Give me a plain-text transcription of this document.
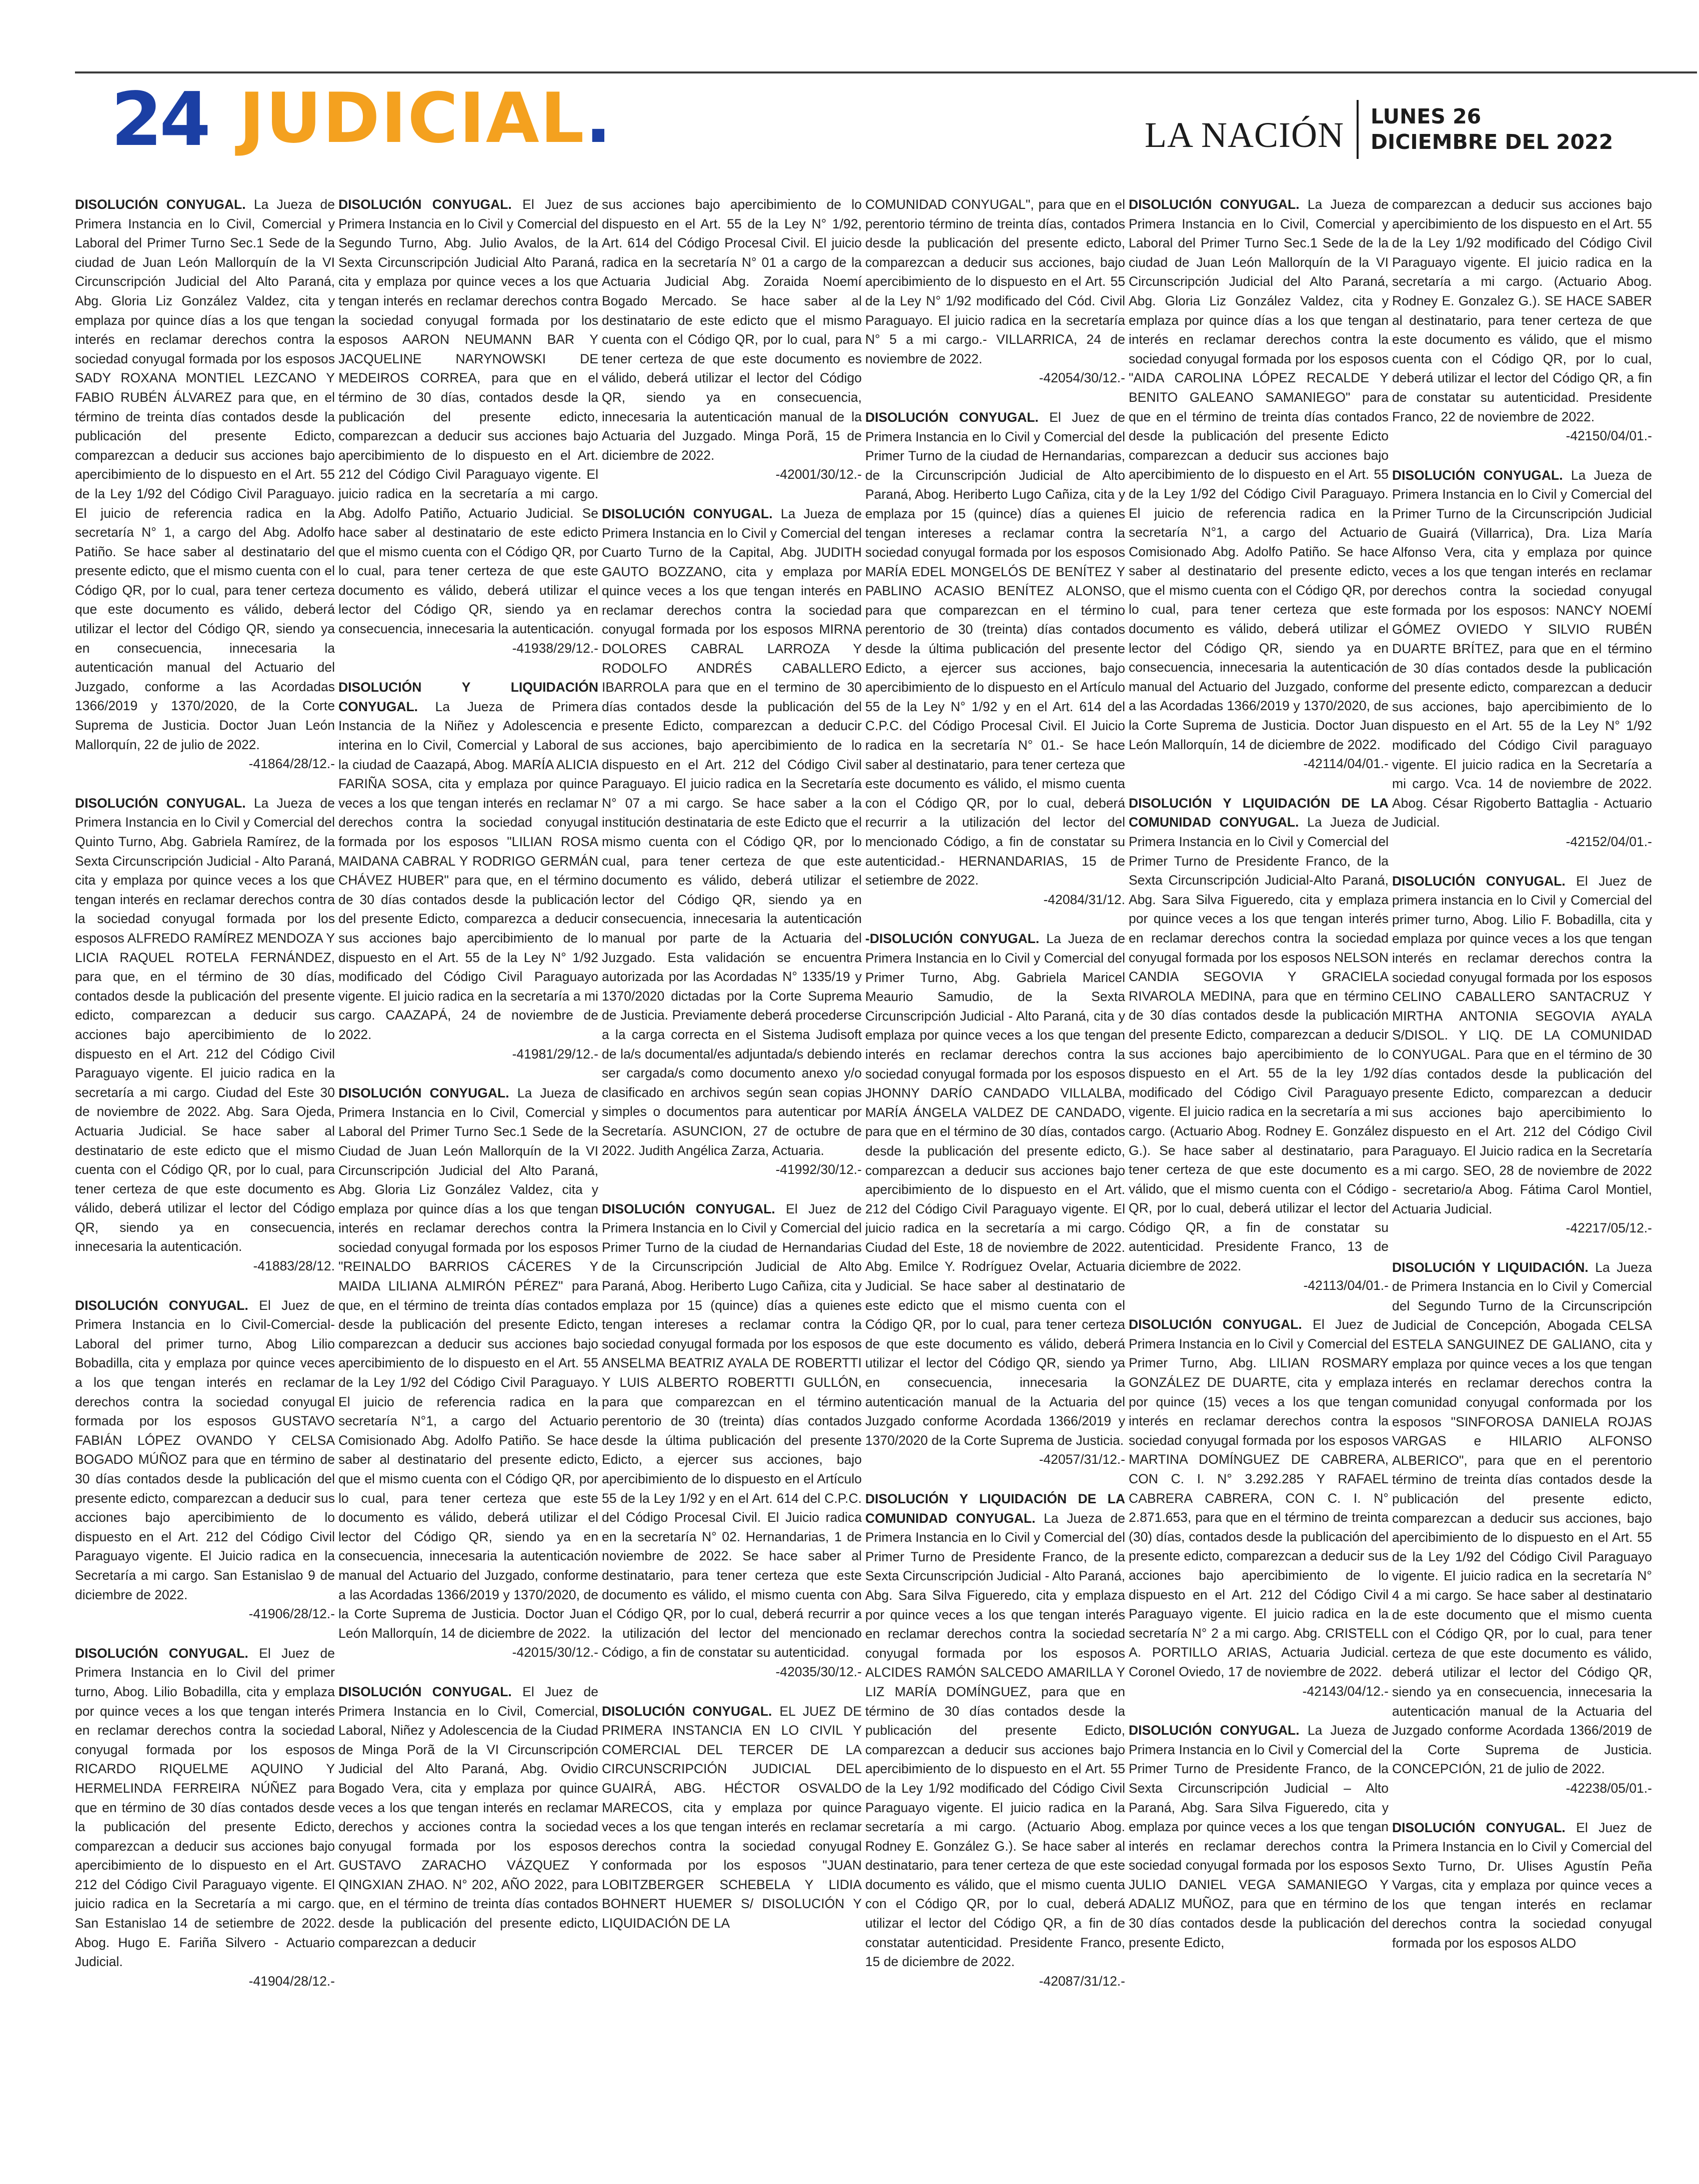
24 JUDICIAL.	LA NACIÓN LUNES 26
DICIEMBRE DEL 2022

DISOLUCIÓN CONYUGAL. La Jueza de Primera Instancia en lo Civil, Comercial y Laboral del Primer Turno Sec.1 Sede de la ciudad de Juan León Mallorquín de la VI Circunscripción Judicial del Alto Paraná, Abg. Gloria Liz González Valdez, cita y emplaza por quince días a los que tengan interés en reclamar derechos contra la sociedad conyugal formada por los esposos SADY ROXANA MONTIEL LEZCANO Y FABIO RUBÉN ÁLVAREZ para que, en el término de treinta días contados desde la publicación del presente Edicto, comparezcan a deducir sus acciones bajo apercibimiento de lo dispuesto en el Art. 55 de la Ley 1/92 del Código Civil Paraguayo. El juicio de referencia radica en la secretaría N° 1, a cargo del Abg. Adolfo Patiño. Se hace saber al destinatario del presente edicto, que el mismo cuenta con el Código QR, por lo cual, para tener certeza que este documento es válido, deberá utilizar el lector del Código QR, siendo ya en consecuencia, innecesaria la autenticación manual del Actuario del Juzgado, conforme a las Acordadas 1366/2019 y 1370/2020, de la Corte Suprema de Justicia. Doctor Juan León Mallorquín, 22 de julio de 2022.
-41864/28/12.-

DISOLUCIÓN CONYUGAL. La Jueza de Primera Instancia en lo Civil y Comercial del Quinto Turno, Abg. Gabriela Ramírez, de la Sexta Circunscripción Judicial - Alto Paraná, cita y emplaza por quince veces a los que tengan interés en reclamar derechos contra la sociedad conyugal formada por los esposos ALFREDO RAMÍREZ MENDOZA Y LICIA RAQUEL ROTELA FERNÁNDEZ, para que, en el término de 30 días, contados desde la publicación del presente edicto, comparezcan a deducir sus acciones bajo apercibimiento de lo dispuesto en el Art. 212 del Código Civil Paraguayo vigente. El juicio radica en la secretaría a mi cargo. Ciudad del Este 30 de noviembre de 2022. Abg. Sara Ojeda, Actuaria Judicial. Se hace saber al destinatario de este edicto que el mismo cuenta con el Código QR, por lo cual, para tener certeza de que este documento es válido, deberá utilizar el lector del Código QR, siendo ya en consecuencia, innecesaria la autenticación.
-41883/28/12.

DISOLUCIÓN CONYUGAL. El Juez de Primera Instancia en lo Civil-Comercial-Laboral del primer turno, Abog Lilio Bobadilla, cita y emplaza por quince veces a los que tengan interés en reclamar derechos contra la sociedad conyugal formada por los esposos GUSTAVO FABIÁN LÓPEZ OVANDO Y CELSA BOGADO MÚÑOZ para que en término de 30 días contados desde la publicación del presente edicto, comparezcan a deducir sus acciones bajo apercibimiento de lo dispuesto en el Art. 212 del Código Civil Paraguayo vigente. El Juicio radica en la Secretaría a mi cargo. San Estanislao 9 de diciembre de 2022.
-41906/28/12.-

DISOLUCIÓN CONYUGAL. El Juez de Primera Instancia en lo Civil del primer turno, Abog. Lilio Bobadilla, cita y emplaza por quince veces a los que tengan interés en reclamar derechos contra la sociedad conyugal formada por los esposos RICARDO RIQUELME AQUINO Y HERMELINDA FERREIRA NÚÑEZ para que en término de 30 días contados desde la publicación del presente Edicto, comparezcan a deducir sus acciones bajo apercibimiento de lo dispuesto en el Art. 212 del Código Civil Paraguayo vigente. El juicio radica en la Secretaría a mi cargo. San Estanislao 14 de setiembre de 2022. Abog. Hugo E. Fariña Silvero - Actuario Judicial.
-41904/28/12.-

DISOLUCIÓN CONYUGAL. El Juez de Primera Instancia en lo Civil y Comercial del Segundo Turno, Abg. Julio Avalos, de la Sexta Circunscripción Judicial Alto Paraná, cita y emplaza por quince veces a los que tengan interés en reclamar derechos contra la sociedad conyugal formada por los esposos AARON NEUMANN BAR Y JACQUELINE NARYNOWSKI DE MEDEIROS CORREA, para que en el término de 30 días, contados desde la publicación del presente edicto, comparezcan a deducir sus acciones bajo apercibimiento de lo dispuesto en el Art. 212 del Código Civil Paraguayo vigente. El juicio radica en la secretaría a mi cargo. Abg. Adolfo Patiño, Actuario Judicial. Se hace saber al destinatario de este edicto que el mismo cuenta con el Código QR, por lo cual, para tener certeza de que este documento es válido, deberá utilizar el lector del Código QR, siendo ya en consecuencia, innecesaria la autenticación.
-41938/29/12.-

DISOLUCIÓN Y LIQUIDACIÓN CONYUGAL. La Jueza de Primera Instancia de la Niñez y Adolescencia e interina en lo Civil, Comercial y Laboral de la ciudad de Caazapá, Abog. MARÍA ALICIA FARIÑA SOSA, cita y emplaza por quince veces a los que tengan interés en reclamar derechos contra la sociedad conyugal formada por los esposos "LILIAN ROSA MAIDANA CABRAL Y RODRIGO GERMÁN CHÁVEZ HUBER" para que, en el término de 30 días contados desde la publicación del presente Edicto, comparezca a deducir sus acciones bajo apercibimiento de lo dispuesto en el Art. 55 de la Ley N° 1/92 modificado del Código Civil Paraguayo vigente. El juicio radica en la secretaría a mi cargo. CAAZAPÁ, 24 de noviembre de 2022.
-41981/29/12.-

DISOLUCIÓN CONYUGAL. La Jueza de Primera Instancia en lo Civil, Comercial y Laboral del Primer Turno Sec.1 Sede de la Ciudad de Juan León Mallorquín de la VI Circunscripción Judicial del Alto Paraná, Abg. Gloria Liz González Valdez, cita y emplaza por quince días a los que tengan interés en reclamar derechos contra la sociedad conyugal formada por los esposos "REINALDO BARRIOS CÁCERES Y MAIDA LILIANA ALMIRÓN PÉREZ" para que, en el término de treinta días contados desde la publicación del presente Edicto, comparezcan a deducir sus acciones bajo apercibimiento de lo dispuesto en el Art. 55 de la Ley 1/92 del Código Civil Paraguayo. El juicio de referencia radica en la secretaría N°1, a cargo del Actuario Comisionado Abg. Adolfo Patiño. Se hace saber al destinatario del presente edicto, que el mismo cuenta con el Código QR, por lo cual, para tener certeza que este documento es válido, deberá utilizar el lector del Código QR, siendo ya en consecuencia, innecesaria la autenticación manual del Actuario del Juzgado, conforme a las Acordadas 1366/2019 y 1370/2020, de la Corte Suprema de Justicia. Doctor Juan León Mallorquín, 14 de diciembre de 2022.
-42015/30/12.-

DISOLUCIÓN CONYUGAL. El Juez de Primera Instancia en lo Civil, Comercial, Laboral, Niñez y Adolescencia de la Ciudad de Minga Porã de la VI Circunscripción Judicial del Alto Paraná, Abg. Ovidio Bogado Vera, cita y emplaza por quince veces a los que tengan interés en reclamar derechos y acciones contra la sociedad conyugal formada por los esposos GUSTAVO ZARACHO VÁZQUEZ Y QINGXIAN ZHAO. N° 202, AÑO 2022, para que, en el término de treinta días contados desde la publicación del presente edicto, comparezcan a deducir

sus acciones bajo apercibimiento de lo dispuesto en el Art. 55 de la Ley N° 1/92, Art. 614 del Código Procesal Civil. El juicio radica en la secretaría N° 01 a cargo de la Actuaria Judicial Abg. Zoraida Noemí Bogado Mercado. Se hace saber al destinatario de este edicto que el mismo cuenta con el Código QR, por lo cual, para tener certeza de que este documento es válido, deberá utilizar el lector del Código QR, siendo ya en consecuencia, innecesaria la autenticación manual de la Actuaria del Juzgado. Minga Porã, 15 de diciembre de 2022.
-42001/30/12.-

DISOLUCIÓN CONYUGAL. La Jueza de Primera Instancia en lo Civil y Comercial del Cuarto Turno de la Capital, Abg. JUDITH GAUTO BOZZANO, cita y emplaza por quince veces a los que tengan interés en reclamar derechos contra la sociedad conyugal formada por los esposos MIRNA DOLORES CABRAL LARROZA Y RODOLFO ANDRÉS CABALLERO IBARROLA para que en el termino de 30 días contados desde la publicación del presente Edicto, comparezcan a deducir sus acciones, bajo apercibimiento de lo dispuesto en el Art. 212 del Código Civil Paraguayo. El juicio radica en la Secretaría N° 07 a mi cargo. Se hace saber a la institución destinataria de este Edicto que el mismo cuenta con el Código QR, por lo cual, para tener certeza de que este documento es válido, deberá utilizar el lector del Código QR, siendo ya en consecuencia, innecesaria la autenticación manual por parte de la Actuaria del Juzgado. Esta validación se encuentra autorizada por las Acordadas N° 1335/19 y 1370/2020 dictadas por la Corte Suprema de Justicia. Previamente deberá procederse a la carga correcta en el Sistema Judisoft de la/s documental/es adjuntada/s debiendo ser cargada/s como documento anexo y/o clasificado en archivos según sean copias simples o documentos para autenticar por Secretaría. ASUNCION, 27 de octubre de 2022. Judith Angélica Zarza, Actuaria.
-41992/30/12.-

DISOLUCIÓN CONYUGAL. El Juez de Primera Instancia en lo Civil y Comercial del Primer Turno de la ciudad de Hernandarias de la Circunscripción Judicial de Alto Paraná, Abog. Heriberto Lugo Cañiza, cita y emplaza por 15 (quince) días a quienes tengan intereses a reclamar contra la sociedad conyugal formada por los esposos ANSELMA BEATRIZ AYALA DE ROBERTTI Y LUIS ALBERTO ROBERTTI GULLÓN, para que comparezcan en el término perentorio de 30 (treinta) días contados desde la última publicación del presente Edicto, a ejercer sus acciones, bajo apercibimiento de lo dispuesto en el Artículo 55 de la Ley 1/92 y en el Art. 614 del C.P.C. del Código Procesal Civil. El Juicio radica en la secretaría N° 02. Hernandarias, 1 de noviembre de 2022. Se hace saber al destinatario, para tener certeza que este documento es válido, el mismo cuenta con el Código QR, por lo cual, deberá recurrir a la utilización del lector del mencionado Código, a fin de constatar su autenticidad.
-42035/30/12.-

DISOLUCIÓN CONYUGAL. EL JUEZ DE PRIMERA INSTANCIA EN LO CIVIL Y COMERCIAL DEL TERCER DE LA CIRCUNSCRIPCIÓN JUDICIAL DEL GUAIRÁ, ABG. HÉCTOR OSVALDO MARECOS, cita y emplaza por quince veces a los que tengan interés en reclamar derechos contra la sociedad conyugal conformada por los esposos "JUAN LOBITZBERGER SCHEBELA Y LIDIA BOHNERT HUEMER S/ DISOLUCIÓN Y LIQUIDACIÓN DE LA

COMUNIDAD CONYUGAL", para que en el perentorio término de treinta días, contados desde la publicación del presente edicto, comparezcan a deducir sus acciones, bajo apercibimiento de lo dispuesto en el Art. 55 de la Ley N° 1/92 modificado del Cód. Civil Paraguayo. El juicio radica en la secretaría N° 5 a mi cargo.- VILLARRICA, 24 de noviembre de 2022.
-42054/30/12.-

DISOLUCIÓN CONYUGAL. El Juez de Primera Instancia en lo Civil y Comercial del Primer Turno de la ciudad de Hernandarias, de la Circunscripción Judicial de Alto Paraná, Abog. Heriberto Lugo Cañiza, cita y emplaza por 15 (quince) días a quienes tengan intereses a reclamar contra la sociedad conyugal formada por los esposos MARÍA EDEL MONGELÓS DE BENÍTEZ Y PABLINO ACASIO BENÍTEZ ALONSO, para que comparezcan en el término perentorio de 30 (treinta) días contados desde la última publicación del presente Edicto, a ejercer sus acciones, bajo apercibimiento de lo dispuesto en el Artículo 55 de la Ley N° 1/92 y en el Art. 614 del C.P.C. del Código Procesal Civil. El Juicio radica en la secretaría N° 01.- Se hace saber al destinatario, para tener certeza que este documento es válido, el mismo cuenta con el Código QR, por lo cual, deberá recurrir a la utilización del lector del mencionado Código, a fin de constatar su autenticidad.- HERNANDARIAS, 15 de setiembre de 2022.
-42084/31/12.

-DISOLUCIÓN CONYUGAL. La Jueza de Primera Instancia en lo Civil y Comercial del Primer Turno, Abg. Gabriela Maricel Meaurio Samudio, de la Sexta Circunscripción Judicial - Alto Paraná, cita y emplaza por quince veces a los que tengan interés en reclamar derechos contra la sociedad conyugal formada por los esposos JHONNY DARÍO CANDADO VILLALBA, MARÍA ÁNGELA VALDEZ DE CANDADO, para que en el término de 30 días, contados desde la publicación del presente edicto, comparezcan a deducir sus acciones bajo apercibimiento de lo dispuesto en el Art. 212 del Código Civil Paraguayo vigente. El juicio radica en la secretaría a mi cargo. Ciudad del Este, 18 de noviembre de 2022. Abg. Emilce Y. Rodríguez Ovelar, Actuaria Judicial. Se hace saber al destinatario de este edicto que el mismo cuenta con el Código QR, por lo cual, para tener certeza de que este documento es válido, deberá utilizar el lector del Código QR, siendo ya en consecuencia, innecesaria la autenticación manual de la Actuaria del Juzgado conforme Acordada 1366/2019 y 1370/2020 de la Corte Suprema de Justicia.
-42057/31/12.-

DISOLUCIÓN Y LIQUIDACIÓN DE LA COMUNIDAD CONYUGAL. La Jueza de Primera Instancia en lo Civil y Comercial del Primer Turno de Presidente Franco, de la Sexta Circunscripción Judicial - Alto Paraná, Abg. Sara Silva Figueredo, cita y emplaza por quince veces a los que tengan interés en reclamar derechos contra la sociedad conyugal formada por los esposos ALCIDES RAMÓN SALCEDO AMARILLA Y LIZ MARÍA DOMÍNGUEZ, para que en término de 30 días contados desde la publicación del presente Edicto, comparezcan a deducir sus acciones bajo apercibimiento de lo dispuesto en el Art. 55 de la Ley 1/92 modificado del Código Civil Paraguayo vigente. El juicio radica en la secretaría a mi cargo. (Actuario Abog. Rodney E. González G.). Se hace saber al destinatario, para tener certeza de que este documento es válido, que el mismo cuenta con el Código QR, por lo cual, deberá utilizar el lector del Código QR, a fin de constatar autenticidad. Presidente Franco, 15 de diciembre de 2022.
-42087/31/12.-

DISOLUCIÓN CONYUGAL. La Jueza de Primera Instancia en lo Civil, Comercial y Laboral del Primer Turno Sec.1 Sede de la ciudad de Juan León Mallorquín de la VI Circunscripción Judicial del Alto Paraná, Abg. Gloria Liz González Valdez, cita y emplaza por quince días a los que tengan interés en reclamar derechos contra la sociedad conyugal formada por los esposos "AIDA CAROLINA LÓPEZ RECALDE Y BENITO GALEANO SAMANIEGO" para que en el término de treinta días contados desde la publicación del presente Edicto comparezcan a deducir sus acciones bajo apercibimiento de lo dispuesto en el Art. 55 de la Ley 1/92 del Código Civil Paraguayo. El juicio de referencia radica en la secretaría N°1, a cargo del Actuario Comisionado Abg. Adolfo Patiño. Se hace saber al destinatario del presente edicto, que el mismo cuenta con el Código QR, por lo cual, para tener certeza que este documento es válido, deberá utilizar el lector del Código QR, siendo ya en consecuencia, innecesaria la autenticación manual del Actuario del Juzgado, conforme a las Acordadas 1366/2019 y 1370/2020, de la Corte Suprema de Justicia. Doctor Juan León Mallorquín, 14 de diciembre de 2022.
-42114/04/01.-

DISOLUCIÓN Y LIQUIDACIÓN DE LA COMUNIDAD CONYUGAL. La Jueza de Primera Instancia en lo Civil y Comercial del Primer Turno de Presidente Franco, de la Sexta Circunscripción Judicial-Alto Paraná, Abg. Sara Silva Figueredo, cita y emplaza por quince veces a los que tengan interés en reclamar derechos contra la sociedad conyugal formada por los esposos NELSON CANDIA SEGOVIA Y GRACIELA RIVAROLA MEDINA, para que en término de 30 días contados desde la publicación del presente Edicto, comparezcan a deducir sus acciones bajo apercibimiento de lo dispuesto en el Art. 55 de la ley 1/92 modificado del Código Civil Paraguayo vigente. El juicio radica en la secretaría a mi cargo. (Actuario Abog. Rodney E. González G.). Se hace saber al destinatario, para tener certeza de que este documento es válido, que el mismo cuenta con el Código QR, por lo cual, deberá utilizar el lector del Código QR, a fin de constatar su autenticidad. Presidente Franco, 13 de diciembre de 2022.
-42113/04/01.-

DISOLUCIÓN CONYUGAL. El Juez de Primera Instancia en lo Civil y Comercial del Primer Turno, Abg. LILIAN ROSMARY GONZÁLEZ DE DUARTE, cita y emplaza por quince (15) veces a los que tengan interés en reclamar derechos contra la sociedad conyugal formada por los esposos MARTINA DOMÍNGUEZ DE CABRERA, CON C. I. N° 3.292.285 Y RAFAEL CABRERA CABRERA, CON C. I. N° 2.871.653, para que en el término de treinta (30) días, contados desde la publicación del presente edicto, comparezcan a deducir sus acciones bajo apercibimiento de lo dispuesto en el Art. 212 del Código Civil Paraguayo vigente. El juicio radica en la secretaría N° 2 a mi cargo. Abg. CRISTELL A. PORTILLO ARIAS, Actuaria Judicial. Coronel Oviedo, 17 de noviembre de 2022.
-42143/04/12.-

DISOLUCIÓN CONYUGAL. La Jueza de Primera Instancia en lo Civil y Comercial del Primer Turno de Presidente Franco, de la Sexta Circunscripción Judicial – Alto Paraná, Abg. Sara Silva Figueredo, cita y emplaza por quince veces a los que tengan interés en reclamar derechos contra la sociedad conyugal formada por los esposos JULIO DANIEL VEGA SAMANIEGO Y ADALIZ MUÑOZ, para que en término de 30 días contados desde la publicación del presente Edicto,

comparezcan a deducir sus acciones bajo apercibimiento de los dispuesto en el Art. 55 de la Ley 1/92 modificado del Código Civil Paraguayo vigente. El juicio radica en la secretaría a mi cargo. (Actuario Abog. Rodney E. Gonzalez G.). SE HACE SABER al destinatario, para tener certeza de que este documento es válido, que el mismo cuenta con el Código QR, por lo cual, deberá utilizar el lector del Código QR, a fin de constatar su autenticidad. Presidente Franco, 22 de noviembre de 2022.
-42150/04/01.-

DISOLUCIÓN CONYUGAL. La Jueza de Primera Instancia en lo Civil y Comercial del Primer Turno de la Circunscripción Judicial de Guairá (Villarrica), Dra. Liza María Alfonso Vera, cita y emplaza por quince veces a los que tengan interés en reclamar derechos contra la sociedad conyugal formada por los esposos: NANCY NOEMÍ GÓMEZ OVIEDO Y SILVIO RUBÉN DUARTE BRÍTEZ, para que en el término de 30 días contados desde la publicación del presente edicto, comparezcan a deducir sus acciones, bajo apercibimiento de lo dispuesto en el Art. 55 de la Ley N° 1/92 modificado del Código Civil paraguayo vigente. El juicio radica en la Secretaría a mi cargo. Vca. 14 de noviembre de 2022. Abog. César Rigoberto Battaglia - Actuario Judicial.
-42152/04/01.-

DISOLUCIÓN CONYUGAL. El Juez de primera instancia en lo Civil y Comercial del primer turno, Abog. Lilio F. Bobadilla, cita y emplaza por quince veces a los que tengan interés en reclamar derechos contra la sociedad conyugal formada por los esposos CELINO CABALLERO SANTACRUZ Y MIRTHA ANTONIA SEGOVIA AYALA S/DISOL. Y LIQ. DE LA COMUNIDAD CONYUGAL. Para que en el término de 30 días contados desde la publicación del presente Edicto, comparezcan a deducir sus acciones bajo apercibimiento lo dispuesto en el Art. 212 del Código Civil Paraguayo. El Juicio radica en la Secretaría a mi cargo. SEO, 28 de noviembre de 2022 - secretario/a Abog. Fátima Carol Montiel, Actuaria Judicial.
-42217/05/12.-

DISOLUCIÓN Y LIQUIDACIÓN. La Jueza de Primera Instancia en lo Civil y Comercial del Segundo Turno de la Circunscripción Judicial de Concepción, Abogada CELSA ESTELA SANGUINEZ DE GALIANO, cita y emplaza por quince veces a los que tengan interés en reclamar derechos contra la comunidad conyugal conformada por los esposos "SINFOROSA DANIELA ROJAS VARGAS e HILARIO ALFONSO ALBERICO", para que en el perentorio término de treinta días contados desde la publicación del presente edicto, comparezcan a deducir sus acciones, bajo apercibimiento de lo dispuesto en el Art. 55 de la Ley 1/92 del Código Civil Paraguayo vigente. El juicio radica en la secretaría N° 4 a mi cargo. Se hace saber al destinatario de este documento que el mismo cuenta con el Código QR, por lo cual, para tener certeza de que este documento es válido, deberá utilizar el lector del Código QR, siendo ya en consecuencia, innecesaria la autenticación manual de la Actuaria del Juzgado conforme Acordada 1366/2019 de la Corte Suprema de Justicia. CONCEPCIÓN, 21 de julio de 2022.
-42238/05/01.-

DISOLUCIÓN CONYUGAL. El Juez de Primera Instancia en lo Civil y Comercial del Sexto Turno, Dr. Ulises Agustín Peña Vargas, cita y emplaza por quince veces a los que tengan interés en reclamar derechos contra la sociedad conyugal formada por los esposos ALDO
